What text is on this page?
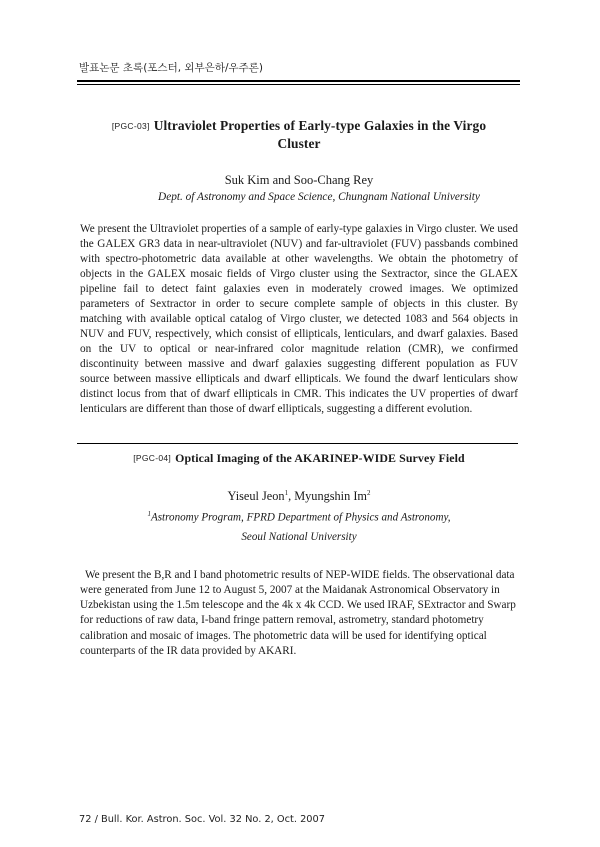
발표논문 초록(포스터, 외부은하/우주론)
[PGC-03] Ultraviolet Properties of Early-type Galaxies in the Virgo
Cluster
Suk Kim and Soo-Chang Rey
Dept. of Astronomy and Space Science, Chungnam National University

We present the Ultraviolet properties of a sample of early-type galaxies in Virgo cluster. We used the GALEX GR3 data in near-ultraviolet (NUV) and far-ultraviolet (FUV) passbands combined with spectro-photometric data available at other wavelengths. We obtain the photometry of objects in the GALEX mosaic fields of Virgo cluster using the Sextractor, since the GLAEX pipeline fail to detect faint galaxies even in moderately crowed images. We optimized parameters of Sextractor in order to secure complete sample of objects in this cluster. By matching with available optical catalog of Virgo cluster, we detected 1083 and 564 objects in NUV and FUV, respectively, which consist of ellipticals, lenticulars, and dwarf galaxies. Based on the UV to optical or near-infrared color magnitude relation (CMR), we confirmed discontinuity between massive and dwarf galaxies suggesting different population as FUV source between massive ellipticals and dwarf ellipticals. We found the dwarf lenticulars show distinct locus from that of dwarf ellipticals in CMR. This indicates the UV properties of dwarf lenticulars are different than those of dwarf ellipticals, suggesting a different evolution.

[PGC-04] Optical Imaging of the AKARINEP-WIDE Survey Field
Yiseul Jeon$^1$, Myungshin Im$^2$
$^1$Astronomy Program, FPRD Department of Physics and Astronomy,
Seoul National University

We present the B,R and I band photometric results of NEP-WIDE fields. The observational data were generated from June 12 to August 5, 2007 at the Maidanak Astronomical Observatory in Uzbekistan using the 1.5m telescope and the 4k x 4k CCD. We used IRAF, SExtractor and Swarp for reductions of raw data, I-band fringe pattern removal, astrometry, standard photometry calibration and mosaic of images. The photometric data will be used for identifying optical counterparts of the IR data provided by AKARI.

72 / Bull. Kor. Astron. Soc. Vol. 32 No. 2, Oct. 2007
